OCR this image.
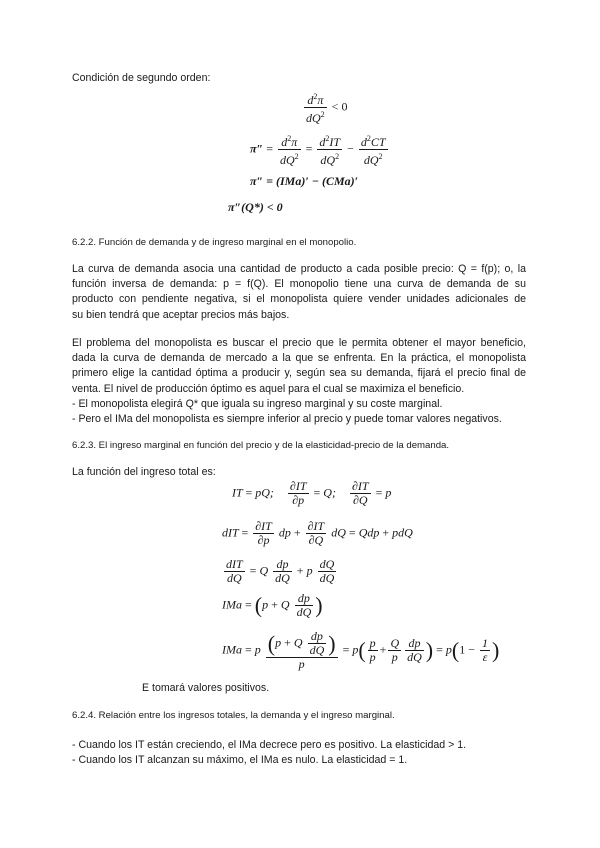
Condición de segundo orden:
$\frac{d^2\pi}{dQ^2} < 0$
$\pi'' = \frac{d^2\pi}{dQ^2} = \frac{d^2IT}{dQ^2} - \frac{d^2CT}{dQ^2}$
π″ = (IMa)′ − (CMa)′
π″(Q*) < 0
6.2.2. Función de demanda y de ingreso marginal en el monopolio.
La curva de demanda asocia una cantidad de producto a cada posible precio: Q = f(p); o, la
función inversa de demanda: p = f(Q). El monopolio tiene una curva de demanda de su
producto con pendiente negativa, si el monopolista quiere vender unidades adicionales de
su bien tendrá que aceptar precios más bajos.
El problema del monopolista es buscar el precio que le permita obtener el mayor beneficio,
dada la curva de demanda de mercado a la que se enfrenta. En la práctica, el monopolista
primero elige la cantidad óptima a producir y, según sea su demanda, fijará el precio final de
venta. El nivel de producción óptimo es aquel para el cual se maximiza el beneficio.
- El monopolista elegirá Q* que iguala su ingreso marginal y su coste marginal.
- Pero el IMa del monopolista es siempre inferior al precio y puede tomar valores negativos.
6.2.3. El ingreso marginal en función del precio y de la elasticidad-precio de la demanda.
La función del ingreso total es:
IT = pQ; $\frac{\partial IT}{\partial p} = Q$; $\frac{\partial IT}{\partial Q} = p$
dIT = $\frac{\partial IT}{\partial p}$ dp + $\frac{\partial IT}{\partial Q}$ dQ = Qdp + pdQ
$\frac{\text{dIT}}{dQ} = Q \frac{dp}{dQ} + p \frac{dQ}{dQ}$
IMa = (p + Q $\frac{dp}{dQ}$ )
IMa = p $\frac{(p + Q \frac{dp}{dQ} )}{p} = p( \frac{p}{p} + \frac{Q}{p} \frac{dp}{dQ}$ ) = $p(1 - \frac{1}{\varepsilon}$ )
E tomará valores positivos.
6.2.4. Relación entre los ingresos totales, la demanda y el ingreso marginal.
- Cuando los IT están creciendo, el IMa decrece pero es positivo. La elasticidad > 1.
- Cuando los IT alcanzan su máximo, el IMa es nulo. La elasticidad = 1.
